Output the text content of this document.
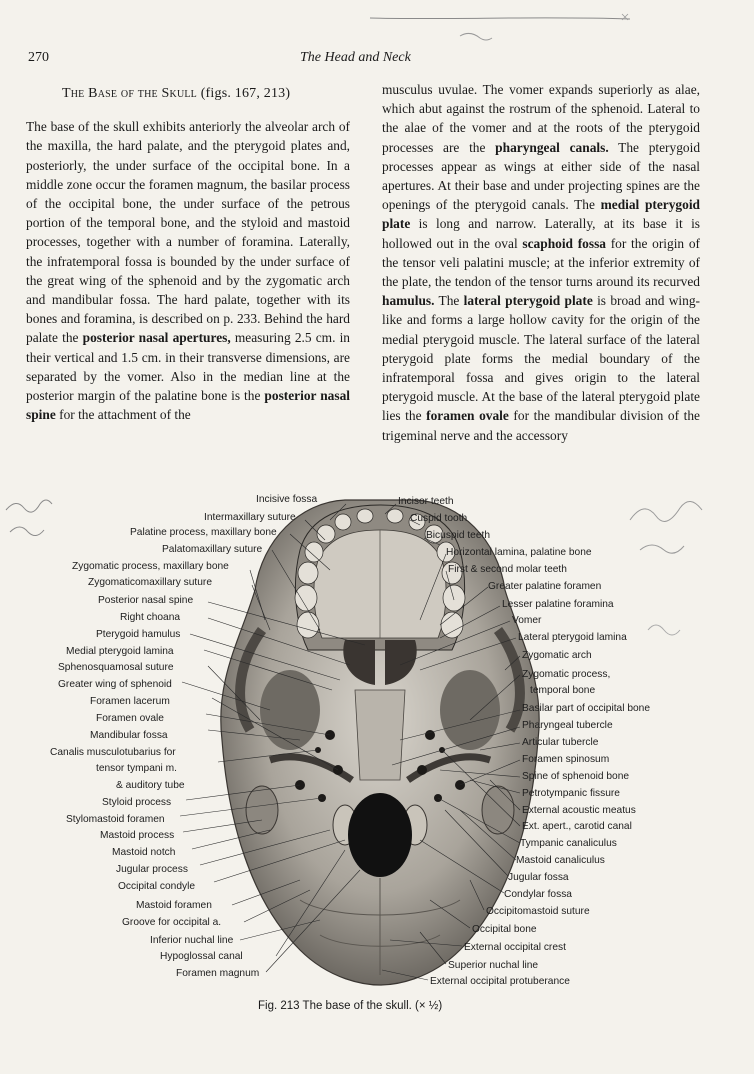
270	The Head and Neck
The Base of the Skull (figs. 167, 213)

The base of the skull exhibits anteriorly the alveolar arch of the maxilla, the hard palate, and the pterygoid plates and, posteriorly, the under surface of the occipital bone. In a middle zone occur the foramen magnum, the basilar process of the occipital bone, the under surface of the petrous portion of the temporal bone, and the styloid and mastoid processes, together with a number of foramina. Laterally, the infratemporal fossa is bounded by the under surface of the great wing of the sphenoid and by the zygomatic arch and mandibular fossa. The hard palate, together with its bones and foramina, is described on p. 233. Behind the hard palate the posterior nasal apertures, measuring 2.5 cm. in their vertical and 1.5 cm. in their transverse dimensions, are separated by the vomer. Also in the median line at the posterior margin of the palatine bone is the posterior nasal spine for the attachment of the

musculus uvulae. The vomer expands superiorly as alae, which abut against the rostrum of the sphenoid. Lateral to the alae of the vomer and at the roots of the pterygoid processes are the pharyngeal canals. The pterygoid processes appear as wings at either side of the nasal apertures. At their base and under projecting spines are the openings of the pterygoid canals. The medial pterygoid plate is long and narrow. Laterally, at its base it is hollowed out in the oval scaphoid fossa for the origin of the tensor veli palatini muscle; at the inferior extremity of the plate, the tendon of the tensor turns around its recurved hamulus. The lateral pterygoid plate is broad and wing-like and forms a large hollow cavity for the origin of the medial pterygoid muscle. The lateral surface of the lateral pterygoid plate forms the medial boundary of the infratemporal fossa and gives origin to the lateral pterygoid muscle. At the base of the lateral pterygoid plate lies the foramen ovale for the mandibular division of the trigeminal nerve and the accessory

Incisive fossa
Intermaxillary suture
Palatine process, maxillary bone
Palatomaxillary suture
Zygomatic process, maxillary bone
Zygomaticomaxillary suture
Posterior nasal spine
Right choana
Pterygoid hamulus
Medial pterygoid lamina
Sphenosquamosal suture
Greater wing of sphenoid
Foramen lacerum
Foramen ovale
Mandibular fossa
Canalis musculotubarius for
tensor tympani m.
& auditory tube
Styloid process
Stylomastoid foramen
Mastoid process
Mastoid notch
Jugular process
Occipital condyle
Mastoid foramen
Groove for occipital a.
Inferior nuchal line
Hypoglossal canal
Foramen magnum
Incisor teeth
Cuspid tooth
Bicuspid teeth
Horizontal lamina, palatine bone
First & second molar teeth
Greater palatine foramen
Lesser palatine foramina
Vomer
Lateral pterygoid lamina
Zygomatic arch
Zygomatic process,
temporal bone
Basilar part of occipital bone
Pharyngeal tubercle
Articular tubercle
Foramen spinosum
Spine of sphenoid bone
Petrotympanic fissure
External acoustic meatus
Ext. apert., carotid canal
Tympanic canaliculus
Mastoid canaliculus
Jugular fossa
Condylar fossa
Occipitomastoid suture
Occipital bone
External occipital crest
Superior nuchal line
External occipital protuberance
Fig. 213 The base of the skull. (× ½)
